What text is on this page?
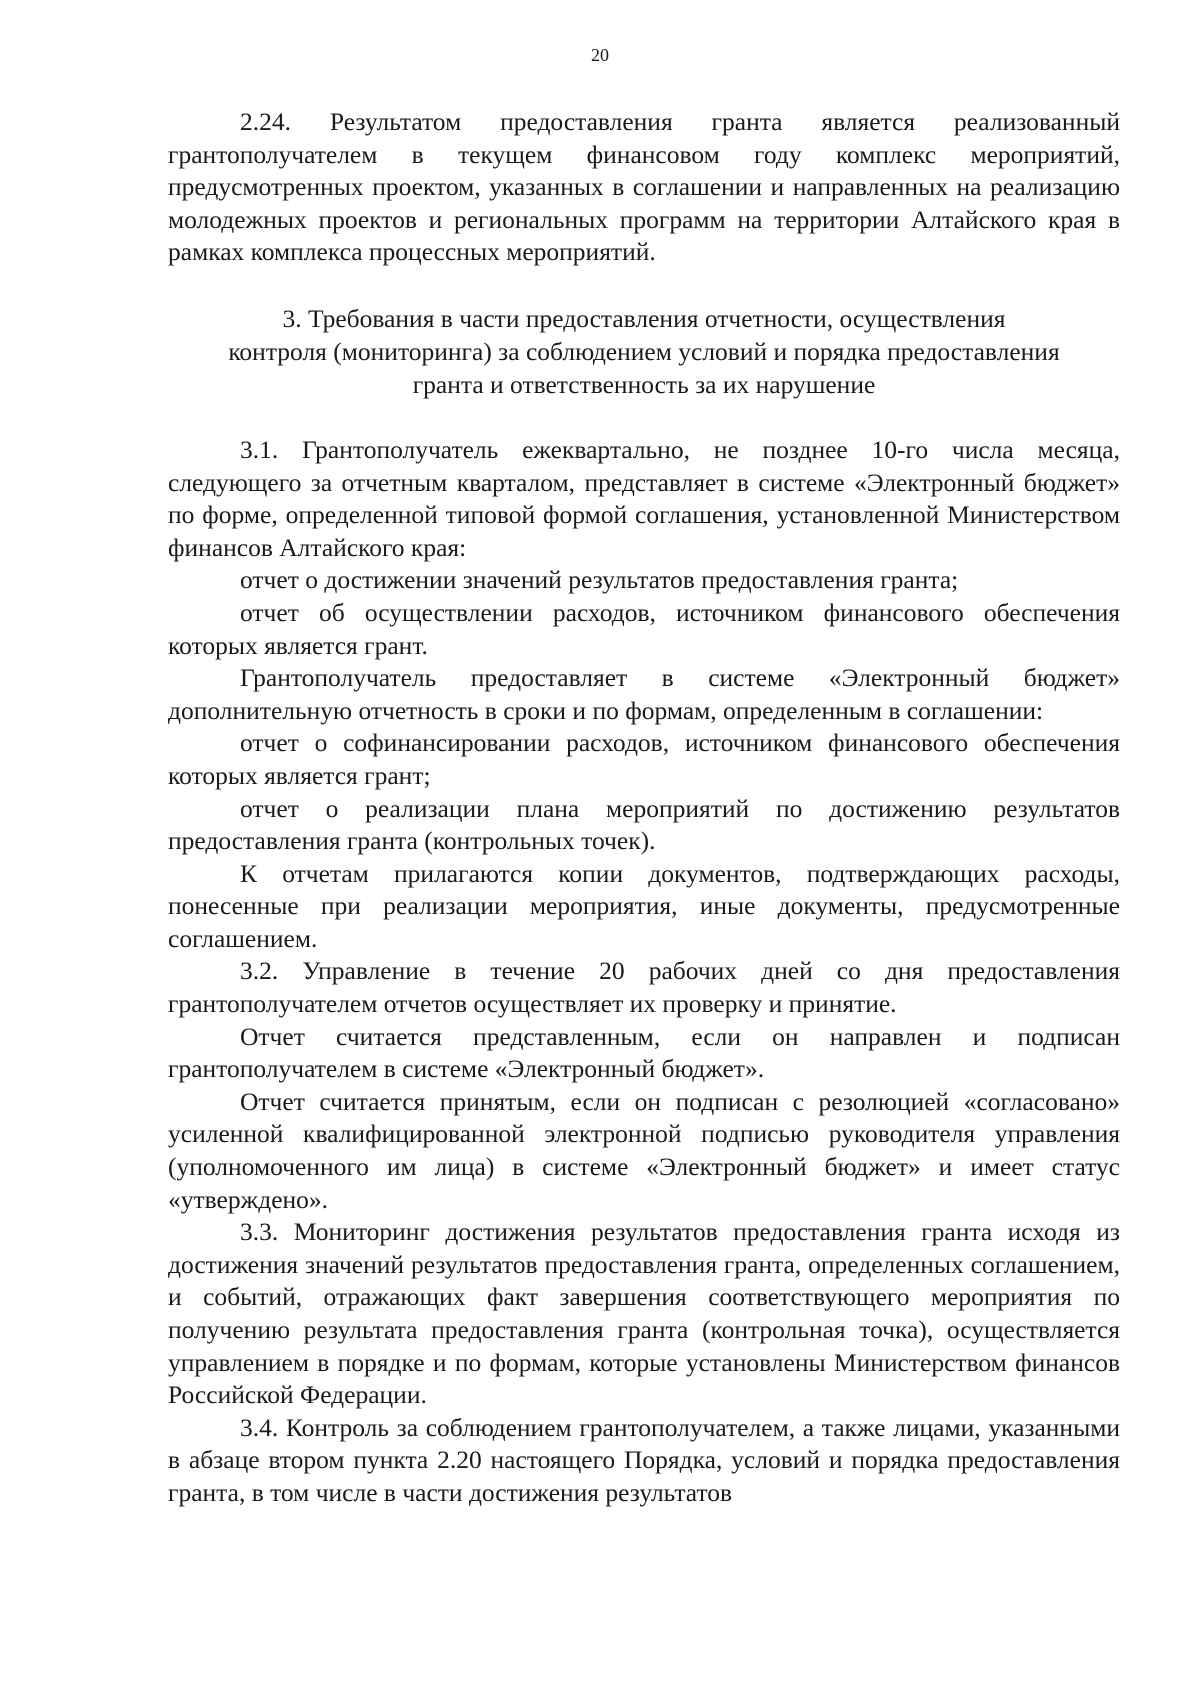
20

2.24. Результатом предоставления гранта является реализованный грантополучателем в текущем финансовом году комплекс мероприятий, предусмотренных проектом, указанных в соглашении и направленных на реализацию молодежных проектов и региональных программ на территории Алтайского края в рамках комплекса процессных мероприятий.

3. Требования в части предоставления отчетности, осуществления

контроля (мониторинга) за соблюдением условий и порядка предоставления

гранта и ответственность за их нарушение

3.1. Грантополучатель ежеквартально, не позднее 10-го числа месяца, следующего за отчетным кварталом, представляет в системе «Электронный бюджет» по форме, определенной типовой формой соглашения, установленной Министерством финансов Алтайского края:

отчет о достижении значений результатов предоставления гранта;

отчет об осуществлении расходов, источником финансового обеспечения которых является грант.

Грантополучатель предоставляет в системе «Электронный бюджет» дополнительную отчетность в сроки и по формам, определенным в соглашении:

отчет о софинансировании расходов, источником финансового обеспечения которых является грант;

отчет о реализации плана мероприятий по достижению результатов предоставления гранта (контрольных точек).

К отчетам прилагаются копии документов, подтверждающих расходы, понесенные при реализации мероприятия, иные документы, предусмотренные соглашением.

3.2. Управление в течение 20 рабочих дней со дня предоставления грантополучателем отчетов осуществляет их проверку и принятие.

Отчет считается представленным, если он направлен и подписан грантополучателем в системе «Электронный бюджет».

Отчет считается принятым, если он подписан с резолюцией «согласовано» усиленной квалифицированной электронной подписью руководителя управления (уполномоченного им лица) в системе «Электронный бюджет» и имеет статус «утверждено».

3.3. Мониторинг достижения результатов предоставления гранта исходя из достижения значений результатов предоставления гранта, определенных соглашением, и событий, отражающих факт завершения соответствующего мероприятия по получению результата предоставления гранта (контрольная точка), осуществляется управлением в порядке и по формам, которые установлены Министерством финансов Российской Федерации.

3.4. Контроль за соблюдением грантополучателем, а также лицами, указанными в абзаце втором пункта 2.20 настоящего Порядка, условий и порядка предоставления гранта, в том числе в части достижения результатов
